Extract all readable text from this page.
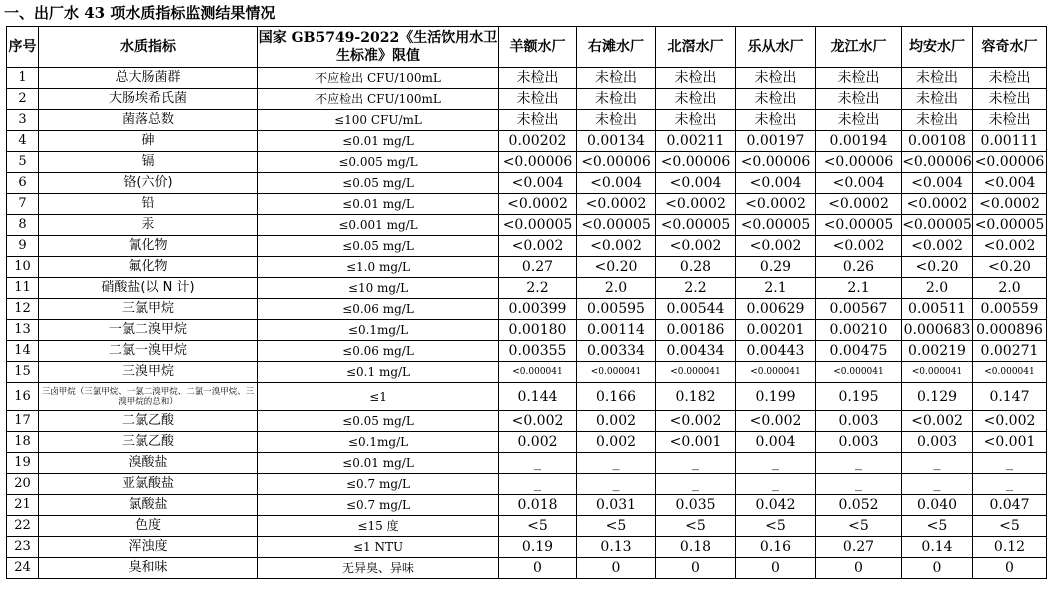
一、出厂水 43 项水质指标监测结果情况
序号	水质指标	国家 GB5749-2022《生活饮用水卫生标准》限值	羊额水厂	右滩水厂	北滘水厂	乐从水厂	龙江水厂	均安水厂	容奇水厂
1	总大肠菌群	不应检出 CFU/100mL	未检出	未检出	未检出	未检出	未检出	未检出	未检出
2	大肠埃希氏菌	不应检出 CFU/100mL	未检出	未检出	未检出	未检出	未检出	未检出	未检出
3	菌落总数	≤100 CFU/mL	未检出	未检出	未检出	未检出	未检出	未检出	未检出
4	砷	≤0.01 mg/L	0.00202	0.00134	0.00211	0.00197	0.00194	0.00108	0.00111
5	镉	≤0.005 mg/L	<0.00006	<0.00006	<0.00006	<0.00006	<0.00006	<0.00006	<0.00006
6	铬(六价)	≤0.05 mg/L	<0.004	<0.004	<0.004	<0.004	<0.004	<0.004	<0.004
7	铅	≤0.01 mg/L	<0.0002	<0.0002	<0.0002	<0.0002	<0.0002	<0.0002	<0.0002
8	汞	≤0.001 mg/L	<0.00005	<0.00005	<0.00005	<0.00005	<0.00005	<0.00005	<0.00005
9	氰化物	≤0.05 mg/L	<0.002	<0.002	<0.002	<0.002	<0.002	<0.002	<0.002
10	氟化物	≤1.0 mg/L	0.27	<0.20	0.28	0.29	0.26	<0.20	<0.20
11	硝酸盐(以 N 计)	≤10 mg/L	2.2	2.0	2.2	2.1	2.1	2.0	2.0
12	三氯甲烷	≤0.06 mg/L	0.00399	0.00595	0.00544	0.00629	0.00567	0.00511	0.00559
13	一氯二溴甲烷	≤0.1mg/L	0.00180	0.00114	0.00186	0.00201	0.00210	0.000683	0.000896
14	二氯一溴甲烷	≤0.06 mg/L	0.00355	0.00334	0.00434	0.00443	0.00475	0.00219	0.00271
15	三溴甲烷	≤0.1 mg/L	<0.000041	<0.000041	<0.000041	<0.000041	<0.000041	<0.000041	<0.000041
16	三卤甲烷（三氯甲烷、一氯二溴甲烷、二氯一溴甲烷、三溴甲烷的总和）	≤1	0.144	0.166	0.182	0.199	0.195	0.129	0.147
17	二氯乙酸	≤0.05 mg/L	<0.002	0.002	<0.002	<0.002	0.003	<0.002	<0.002
18	三氯乙酸	≤0.1mg/L	0.002	0.002	<0.001	0.004	0.003	0.003	<0.001
19	溴酸盐	≤0.01 mg/L	_	_	_	_	_	_	_
20	亚氯酸盐	≤0.7 mg/L	_	_	_	_	_	_	_
21	氯酸盐	≤0.7 mg/L	0.018	0.031	0.035	0.042	0.052	0.040	0.047
22	色度	≤15 度	<5	<5	<5	<5	<5	<5	<5
23	浑浊度	≤1 NTU	0.19	0.13	0.18	0.16	0.27	0.14	0.12
24	臭和味	无异臭、异味	0	0	0	0	0	0	0
